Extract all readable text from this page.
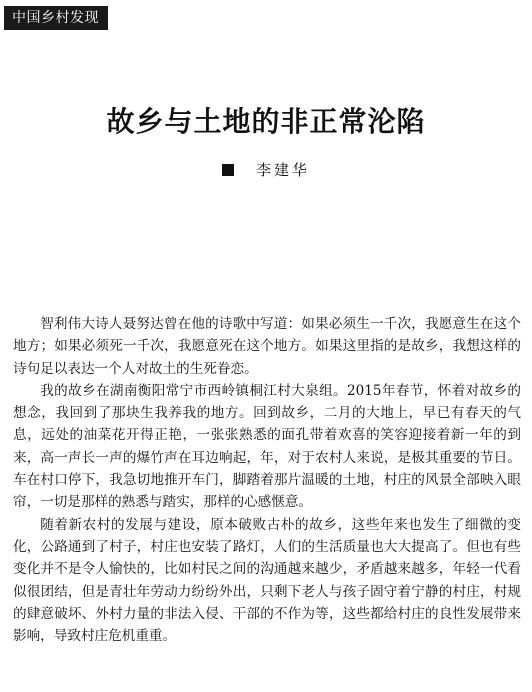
中国乡村发现
故乡与土地的非正常沦陷
李建华

智利伟大诗人聂努达曾在他的诗歌中写道：如果必须生一千次，我愿意生在这个地方；如果必须死一千次，我愿意死在这个地方。如果这里指的是故乡，我想这样的诗句足以表达一个人对故土的生死眷恋。

我的故乡在湖南衡阳常宁市西岭镇桐江村大泉组。2015年春节，怀着对故乡的想念，我回到了那块生我养我的地方。回到故乡，二月的大地上，早已有春天的气息，远处的油菜花开得正艳，一张张熟悉的面孔带着欢喜的笑容迎接着新一年的到来，高一声长一声的爆竹声在耳边响起，年，对于农村人来说，是极其重要的节日。车在村口停下，我急切地推开车门，脚踏着那片温暖的土地，村庄的风景全部映入眼帘，一切是那样的熟悉与踏实，那样的心感惬意。

随着新农村的发展与建设，原本破败古朴的故乡，这些年来也发生了细微的变化，公路通到了村子，村庄也安装了路灯，人们的生活质量也大大提高了。但也有些变化并不是令人愉快的，比如村民之间的沟通越来越少，矛盾越来越多，年轻一代看似很团结，但是青壮年劳动力纷纷外出，只剩下老人与孩子固守着宁静的村庄，村规的肆意破坏、外村力量的非法入侵、干部的不作为等，这些都给村庄的良性发展带来影响，导致村庄危机重重。
